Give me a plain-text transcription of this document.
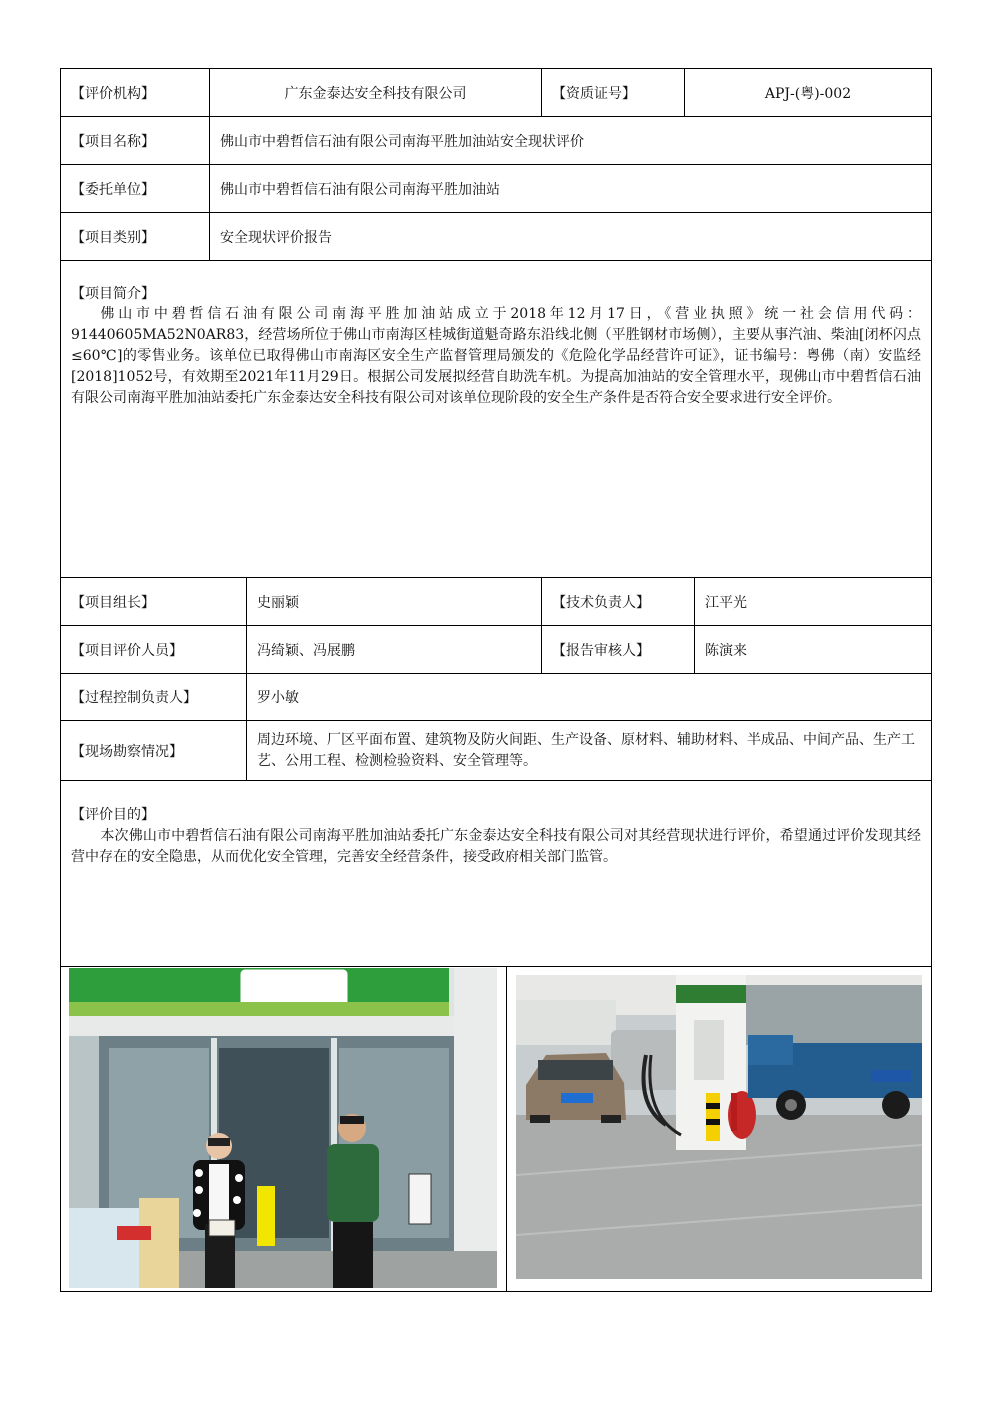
【评价机构】	广东金泰达安全科技有限公司	【资质证号】	APJ-(粤)-002
【项目名称】	佛山市中碧哲信石油有限公司南海平胜加油站安全现状评价
【委托单位】	佛山市中碧哲信石油有限公司南海平胜加油站
【项目类别】	安全现状评价报告
【项目简介】
佛山市中碧哲信石油有限公司南海平胜加油站成立于2018年12月17日，《营业执照》统一社会信用代码：91440605MA52N0AR83，经营场所位于佛山市南海区桂城街道魁奇路东沿线北侧（平胜钢材市场侧），主要从事汽油、柴油[闭杯闪点≤60℃]的零售业务。该单位已取得佛山市南海区安全生产监督管理局颁发的《危险化学品经营许可证》，证书编号：粤佛（南）安监经[2018]1052号，有效期至2021年11月29日。根据公司发展拟经营自助洗车机。为提高加油站的安全管理水平，现佛山市中碧哲信石油有限公司南海平胜加油站委托广东金泰达安全科技有限公司对该单位现阶段的安全生产条件是否符合安全要求进行安全评价。
【项目组长】	史丽颖	【技术负责人】	江平光
【项目评价人员】	冯绮颖、冯展鹏	【报告审核人】	陈演来
【过程控制负责人】	罗小敏
【现场勘察情况】
周边环境、厂区平面布置、建筑物及防火间距、生产设备、原材料、辅助材料、半成品、中间产品、生产工艺、公用工程、检测检验资料、安全管理等。
【评价目的】
本次佛山市中碧哲信石油有限公司南海平胜加油站委托广东金泰达安全科技有限公司对其经营现状进行评价，希望通过评价发现其经营中存在的安全隐患，从而优化安全管理，完善安全经营条件，接受政府相关部门监管。
